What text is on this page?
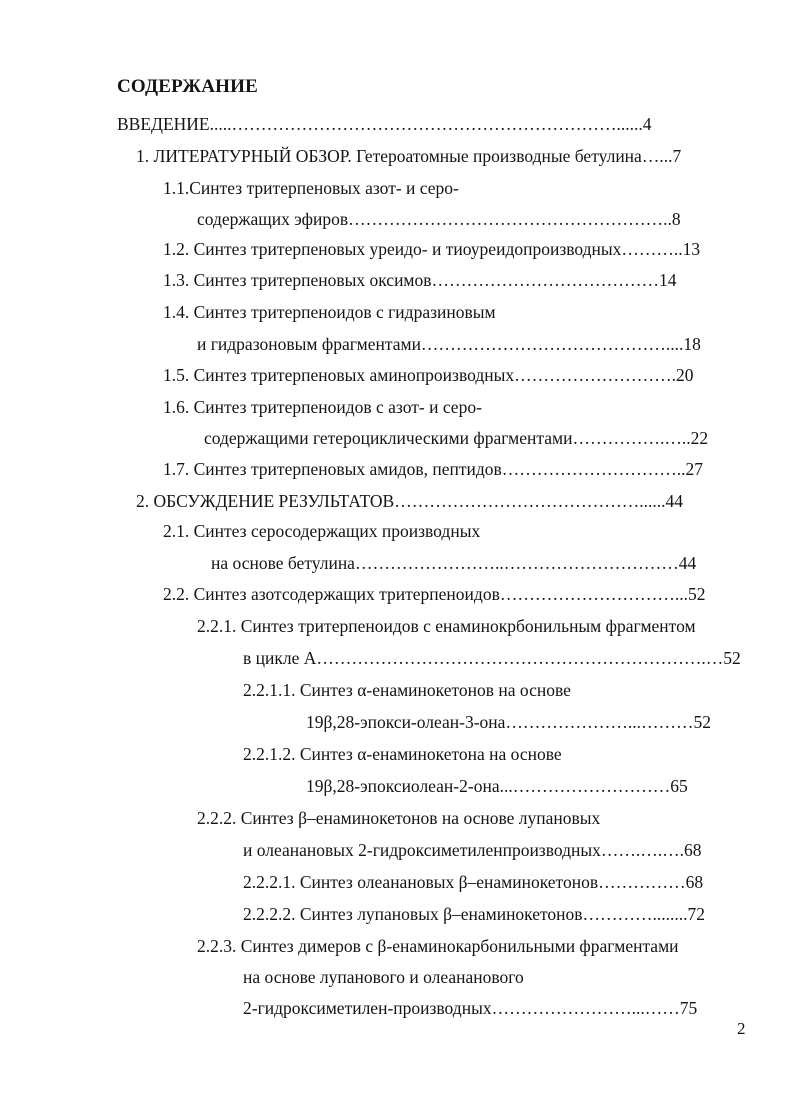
СОДЕРЖАНИЕ
ВВЕДЕНИЕ.....…………………………………………………………......4
1. ЛИТЕРАТУРНЫЙ ОБЗОР. Гетероатомные производные бетулина…...7
1.1.Синтез тритерпеновых азот- и серо-
содержащих эфиров………………………………………………..8
1.2. Синтез тритерпеновых уреидо- и тиоуреидопроизводных………..13
1.3. Синтез тритерпеновых оксимов…………………………………14
1.4. Синтез тритерпеноидов с гидразиновым
и гидразоновым фрагментами……………………………………....18
1.5. Синтез тритерпеновых аминопроизводных……………………….20
1.6. Синтез тритерпеноидов с азот- и серо-
содержащими гетероциклическими фрагментами…………….…..22
1.7. Синтез тритерпеновых амидов, пептидов…………………………..27
2. ОБСУЖДЕНИЕ РЕЗУЛЬТАТОВ……………………………………......44
2.1. Синтез серосодержащих производных
на основе бетулина……………………..…………………………44
2.2. Синтез азотсодержащих тритерпеноидов…………………………...52
2.2.1. Синтез тритерпеноидов с енаминокрбонильным фрагментом
в цикле А………………………………………………………….…52
2.2.1.1. Синтез α-енаминокетонов на основе
19β,28-эпокси-олеан-3-она…………………...………52
2.2.1.2. Синтез α-енаминокетона на основе
19β,28-эпоксиолеан-2-она...………………………65
2.2.2. Синтез β–енаминокетонов на основе лупановых
и олеанановых 2-гидроксиметиленпроизводных…….….….68
2.2.2.1. Синтез олеанановых β–енаминокетонов……………68
2.2.2.2. Синтез лупановых β–енаминокетонов…………........72
2.2.3. Синтез димеров с β-енаминокарбонильными фрагментами
на основе лупанового и олеананового
2-гидроксиметилен-производных……………………...……75
2
